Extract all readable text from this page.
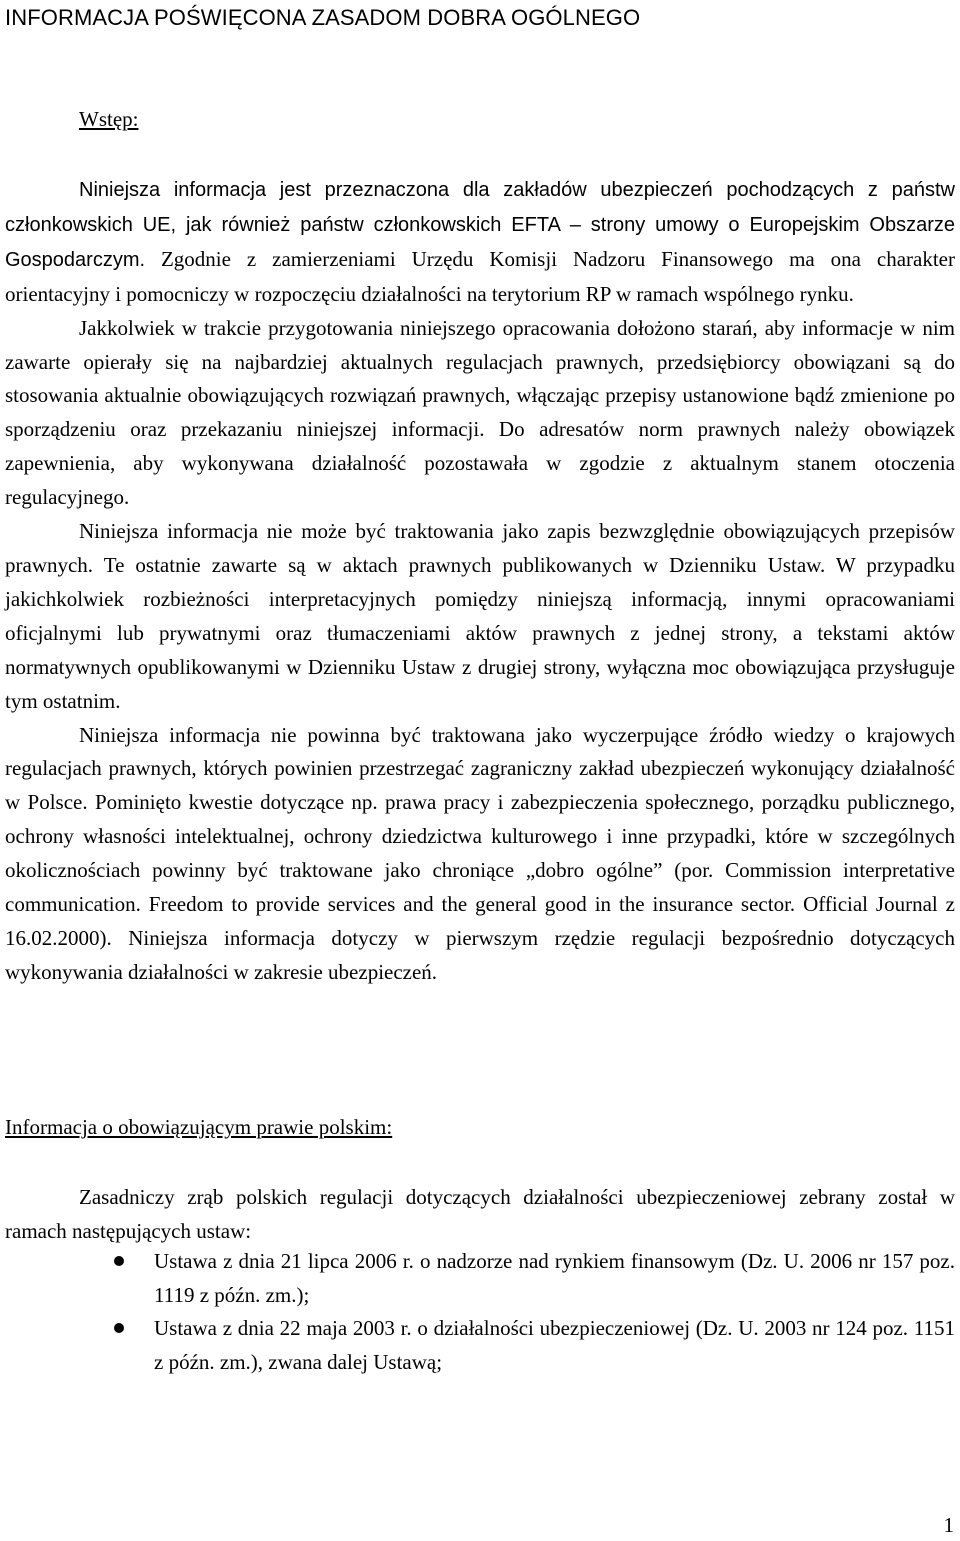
INFORMACJA POŚWIĘCONA ZASADOM DOBRA OGÓLNEGO
Wstęp:

Niniejsza informacja jest przeznaczona dla zakładów ubezpieczeń pochodzących z państw członkowskich UE, jak również państw członkowskich EFTA – strony umowy o Europejskim Obszarze Gospodarczym. Zgodnie z zamierzeniami Urzędu Komisji Nadzoru Finansowego ma ona charakter orientacyjny i pomocniczy w rozpoczęciu działalności na terytorium RP w ramach wspólnego rynku.

Jakkolwiek w trakcie przygotowania niniejszego opracowania dołożono starań, aby informacje w nim zawarte opierały się na najbardziej aktualnych regulacjach prawnych, przedsiębiorcy obowiązani są do stosowania aktualnie obowiązujących rozwiązań prawnych, włączając przepisy ustanowione bądź zmienione po sporządzeniu oraz przekazaniu niniejszej informacji. Do adresatów norm prawnych należy obowiązek zapewnienia, aby wykonywana działalność pozostawała w zgodzie z aktualnym stanem otoczenia regulacyjnego.

Niniejsza informacja nie może być traktowania jako zapis bezwzględnie obowiązujących przepisów prawnych. Te ostatnie zawarte są w aktach prawnych publikowanych w Dzienniku Ustaw. W przypadku jakichkolwiek rozbieżności interpretacyjnych pomiędzy niniejszą informacją, innymi opracowaniami oficjalnymi lub prywatnymi oraz tłumaczeniami aktów prawnych z jednej strony, a tekstami aktów normatywnych opublikowanymi w Dzienniku Ustaw z drugiej strony, wyłączna moc obowiązująca przysługuje tym ostatnim.

Niniejsza informacja nie powinna być traktowana jako wyczerpujące źródło wiedzy o krajowych regulacjach prawnych, których powinien przestrzegać zagraniczny zakład ubezpieczeń wykonujący działalność w Polsce. Pominięto kwestie dotyczące np. prawa pracy i zabezpieczenia społecznego, porządku publicznego, ochrony własności intelektualnej, ochrony dziedzictwa kulturowego i inne przypadki, które w szczególnych okolicznościach powinny być traktowane jako chroniące „dobro ogólne” (por. Commission interpretative communication. Freedom to provide services and the general good in the insurance sector. Official Journal z 16.02.2000). Niniejsza informacja dotyczy w pierwszym rzędzie regulacji bezpośrednio dotyczących wykonywania działalności w zakresie ubezpieczeń.

Informacja o obowiązującym prawie polskim:

Zasadniczy zrąb polskich regulacji dotyczących działalności ubezpieczeniowej zebrany został w ramach następujących ustaw:

Ustawa z dnia 21 lipca 2006 r. o nadzorze nad rynkiem finansowym (Dz. U. 2006 nr 157 poz. 1119 z późn. zm.);
Ustawa z dnia 22 maja 2003 r. o działalności ubezpieczeniowej (Dz. U. 2003 nr 124 poz. 1151 z późn. zm.), zwana dalej Ustawą;
1
